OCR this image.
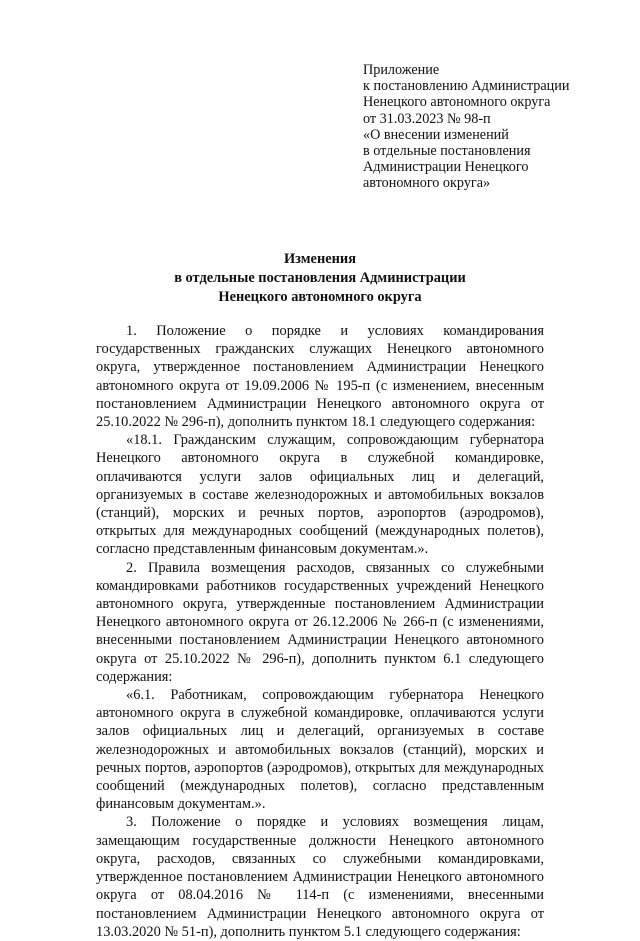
Приложение
к постановлению Администрации
Ненецкого автономного округа
от 31.03.2023 № 98-п
«О внесении изменений
в отдельные постановления
Администрации Ненецкого
автономного округа»
Изменения
в отдельные постановления Администрации
Ненецкого автономного округа

1. Положение о порядке и условиях командирования государственных гражданских служащих Ненецкого автономного округа, утвержденное постановлением Администрации Ненецкого автономного округа от 19.09.2006 № 195-п (с изменением, внесенным постановлением Администрации Ненецкого автономного округа от 25.10.2022 № 296-п), дополнить пунктом 18.1 следующего содержания:

«18.1. Гражданским служащим, сопровождающим губернатора Ненецкого автономного округа в служебной командировке, оплачиваются услуги залов официальных лиц и делегаций, организуемых в составе железнодорожных и автомобильных вокзалов (станций), морских и речных портов, аэропортов (аэродромов), открытых для международных сообщений (международных полетов), согласно представленным финансовым документам.».

2. Правила возмещения расходов, связанных со служебными командировками работников государственных учреждений Ненецкого автономного округа, утвержденные постановлением Администрации Ненецкого автономного округа от 26.12.2006 № 266-п (с изменениями, внесенными постановлением Администрации Ненецкого автономного округа от 25.10.2022 № 296-п), дополнить пунктом 6.1 следующего содержания:

«6.1. Работникам, сопровождающим губернатора Ненецкого автономного округа в служебной командировке, оплачиваются услуги залов официальных лиц и делегаций, организуемых в составе железнодорожных и автомобильных вокзалов (станций), морских и речных портов, аэропортов (аэродромов), открытых для международных сообщений (международных полетов), согласно представленным финансовым документам.».

3. Положение о порядке и условиях возмещения лицам, замещающим государственные должности Ненецкого автономного округа, расходов, связанных со служебными командировками, утвержденное постановлением Администрации Ненецкого автономного округа от 08.04.2016 № 114-п (с изменениями, внесенными постановлением Администрации Ненецкого автономного округа от 13.03.2020 № 51-п), дополнить пунктом 5.1 следующего содержания:
